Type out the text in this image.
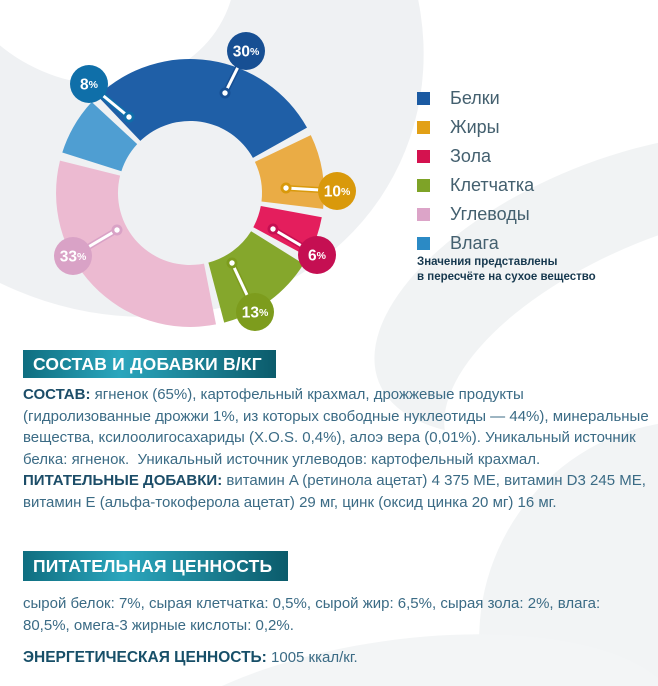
30%
10%
6%
13%
33%
8%
Белки
Жиры
Зола
Клетчатка
Углеводы
Влага
Значения представлены
в пересчёте на сухое вещество
СОСТАВ И ДОБАВКИ В/КГ
СОСТАВ: ягненок (65%), картофельный крахмал, дрожжевые продукты (гидролизованные дрожжи 1%, из которых свободные нуклеотиды — 44%), минеральные вещества, ксилоолигосахариды (X.O.S. 0,4%), алоэ вера (0,01%). Уникальный источник белка: ягненок.  Уникальный источник углеводов: картофельный крахмал.
ПИТАТЕЛЬНЫЕ ДОБАВКИ: витамин A (ретинола ацетат) 4 375 МЕ, витамин D3 245 МЕ, витамин E (альфа-токоферола ацетат) 29 мг, цинк (оксид цинка 20 мг) 16 мг.
ПИТАТЕЛЬНАЯ ЦЕННОСТЬ
сырой белок: 7%, сырая клетчатка: 0,5%, сырой жир: 6,5%, сырая зола: 2%, влага: 80,5%, омега-3 жирные кислоты: 0,2%.
ЭНЕРГЕТИЧЕСКАЯ ЦЕННОСТЬ: 1005 ккал/кг.
